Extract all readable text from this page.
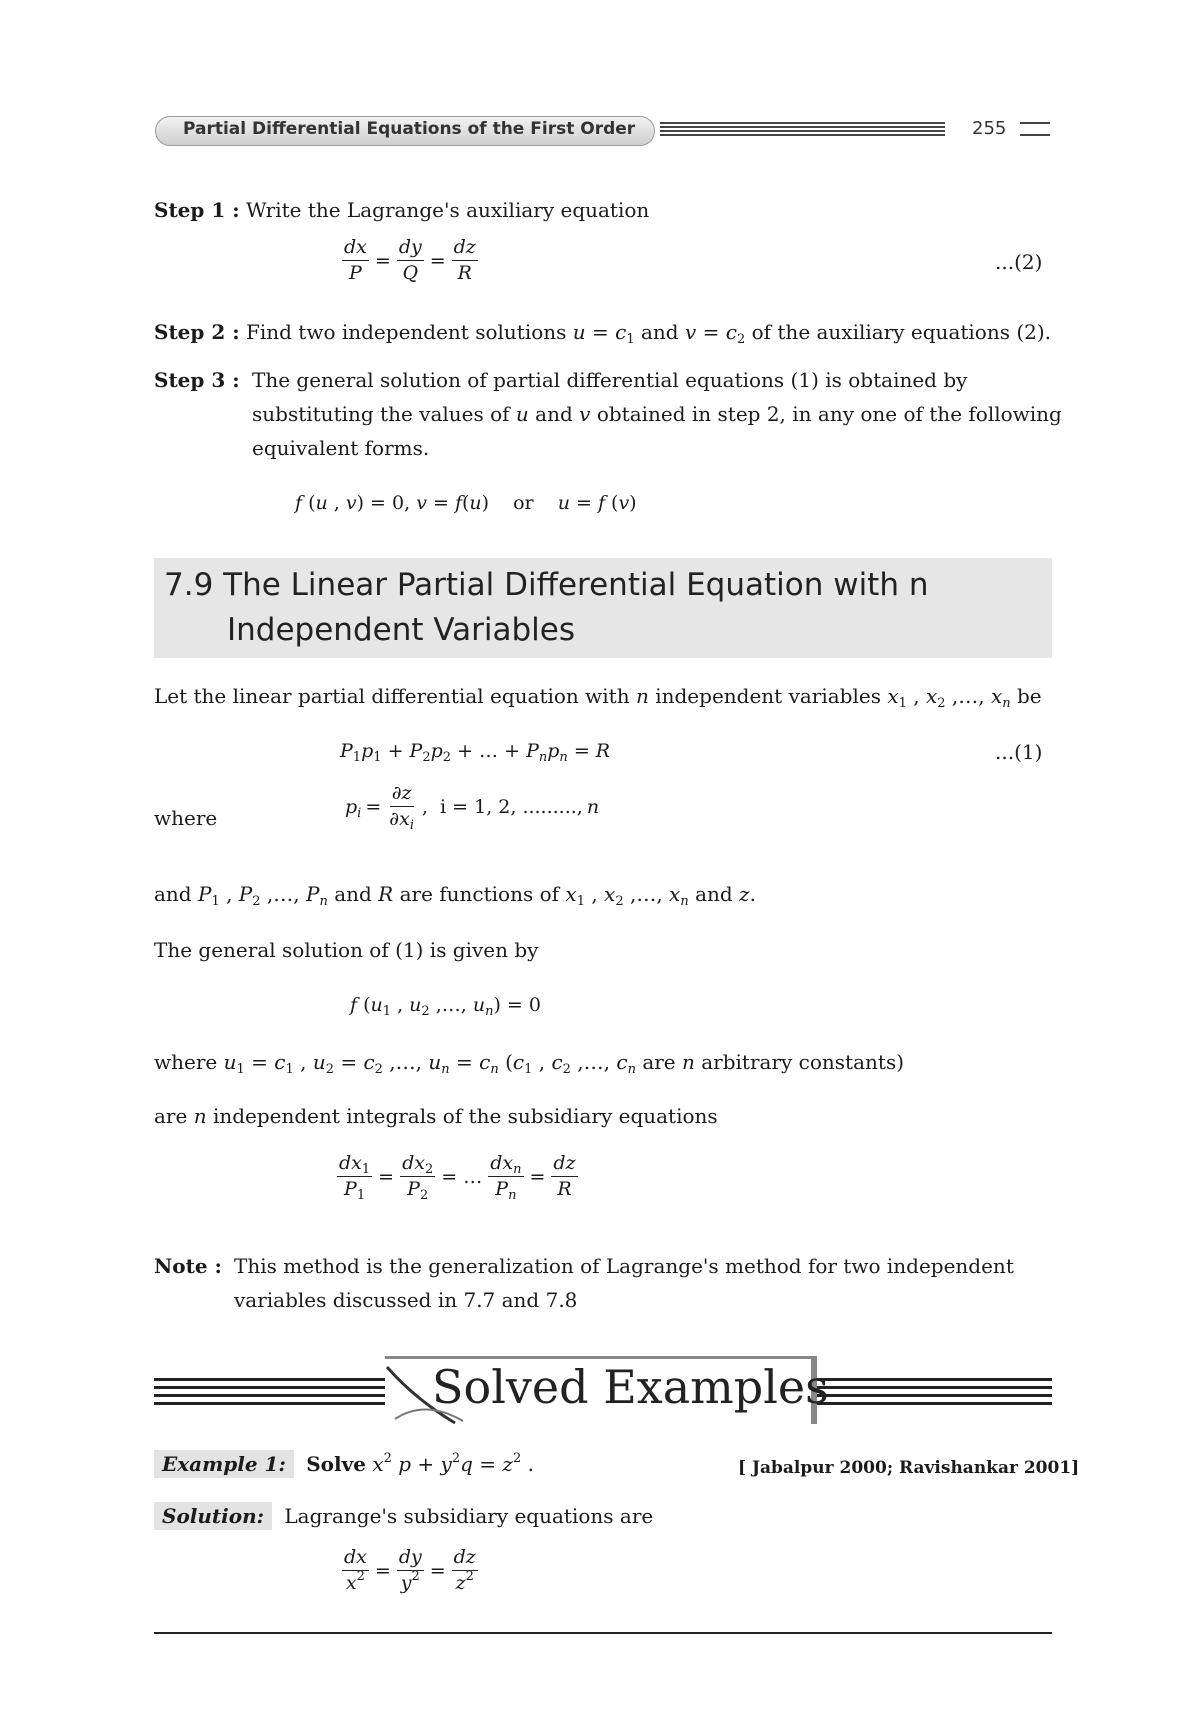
Partial Differential Equations of the First Order	255
Step 1 : Write the Lagrange's auxiliary equation
$\frac{dx}{P} = \frac{dy}{Q} = \frac{dz}{R}$	...(2)
Step 2 : Find two independent solutions $u = c_1$ and $v = c_2$ of the auxiliary equations (2).
Step 3 : The general solution of partial differential equations (1) is obtained by
substituting the values of u and v obtained in step 2, in any one of the following
equivalent forms.
f (u , v) = 0, v = f(u) or u = f (v)
7.9 The Linear Partial Differential Equation with n
Independent Variables
Let the linear partial differential equation with n independent variables $x_1$ , $x_2$ ,…, $x_n$ be
$P_1p_1 + P_2p_2$ + … + $P_np_n = R$	...(1)
where	$p_i = \frac{\partial z}{\partial x_i}$ , i = 1, 2, ........., n
and $P_1$ , $P_2$ ,…, $P_n$ and R are functions of $x_1$ , $x_2$ ,…, $x_n$ and z.
The general solution of (1) is given by
f ($u_1$ , $u_2$ ,…, $u_n) = 0$
where $u_1 = c_1$ , $u_2 = c_2$ ,…, $u_n = c_n$ ($c_1$ , $c_2$ ,…, $c_n$ are n arbitrary constants)
are n independent integrals of the subsidiary equations
$\frac{dx_1}{P_1} = \frac{dx_2}{P_2}$ = … $\frac{dx_n}{P_n} = \frac{dz}{R}$
Note : This method is the generalization of Lagrange's method for two independent
variables discussed in 7.7 and 7.8
Solved Examples
Example 1: Solve $x^2$ $p + y^2q = z^2$ .	[ Jabalpur 2000; Ravishankar 2001]
Solution: Lagrange's subsidiary equations are
$\frac{dx}{x^2} = \frac{dy}{y^2} = \frac{dz}{z^2}$
